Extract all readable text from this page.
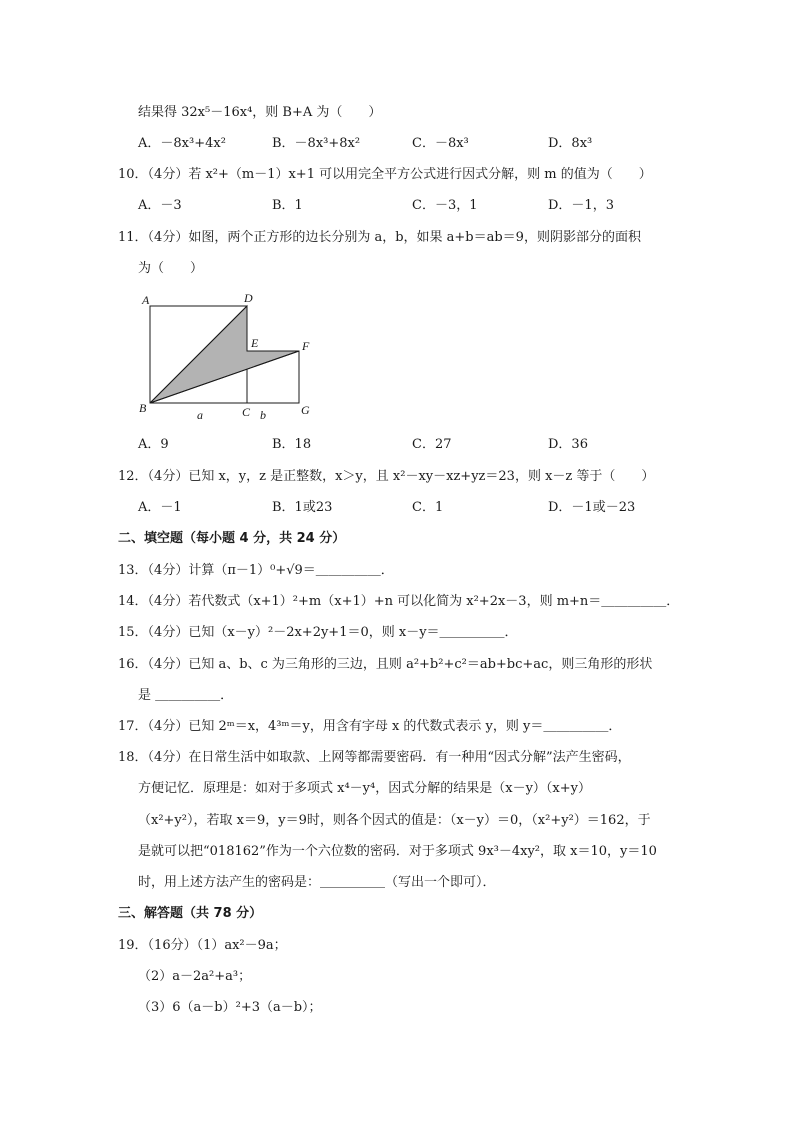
结果得 32x⁵－16x⁴，则 B+A 为（　　）
A．－8x³+4x²	B．－8x³+8x²	C．－8x³	D．8x³
10．（4分）若 x²+（m－1）x+1 可以用完全平方公式进行因式分解，则 m 的值为（　　）
A．－3	B．1	C．－3，1	D．－1，3
11．（4分）如图，两个正方形的边长分别为 a，b，如果 a+b＝ab＝9，则阴影部分的面积
为（　　）
A	D
E	F
B	C	G
a	b
A．9	B．18	C．27	D．36
12．（4分）已知 x，y，z 是正整数，x＞y，且 x²－xy－xz+yz＝23，则 x－z 等于（　　）
A．－1	B．1或23	C．1	D．－1或－23
二、填空题（每小题 4 分，共 24 分）
13．（4分）计算（π－1）⁰+√9＝＿＿＿＿＿．
14．（4分）若代数式（x+1）²+m（x+1）+n 可以化简为 x²+2x－3，则 m+n＝＿＿＿＿＿．
15．（4分）已知（x－y）²－2x+2y+1＝0，则 x－y＝＿＿＿＿＿．
16．（4分）已知 a、b、c 为三角形的三边，且则 a²+b²+c²＝ab+bc+ac，则三角形的形状
是 ＿＿＿＿＿．
17．（4分）已知 2ᵐ＝x，4³ᵐ＝y，用含有字母 x 的代数式表示 y，则 y＝＿＿＿＿＿．
18．（4分）在日常生活中如取款、上网等都需要密码．有一种用“因式分解”法产生密码，
方便记忆．原理是：如对于多项式 x⁴－y⁴，因式分解的结果是（x－y）（x+y）
（x²+y²），若取 x＝9，y＝9时，则各个因式的值是：（x－y）＝0，（x²+y²）＝162，于
是就可以把“018162”作为一个六位数的密码．对于多项式 9x³－4xy²，取 x＝10，y＝10
时，用上述方法产生的密码是：＿＿＿＿＿（写出一个即可）．
三、解答题（共 78 分）
19．（16分）（1）ax²－9a；
（2）a－2a²+a³；
（3）6（a－b）²+3（a－b）；
